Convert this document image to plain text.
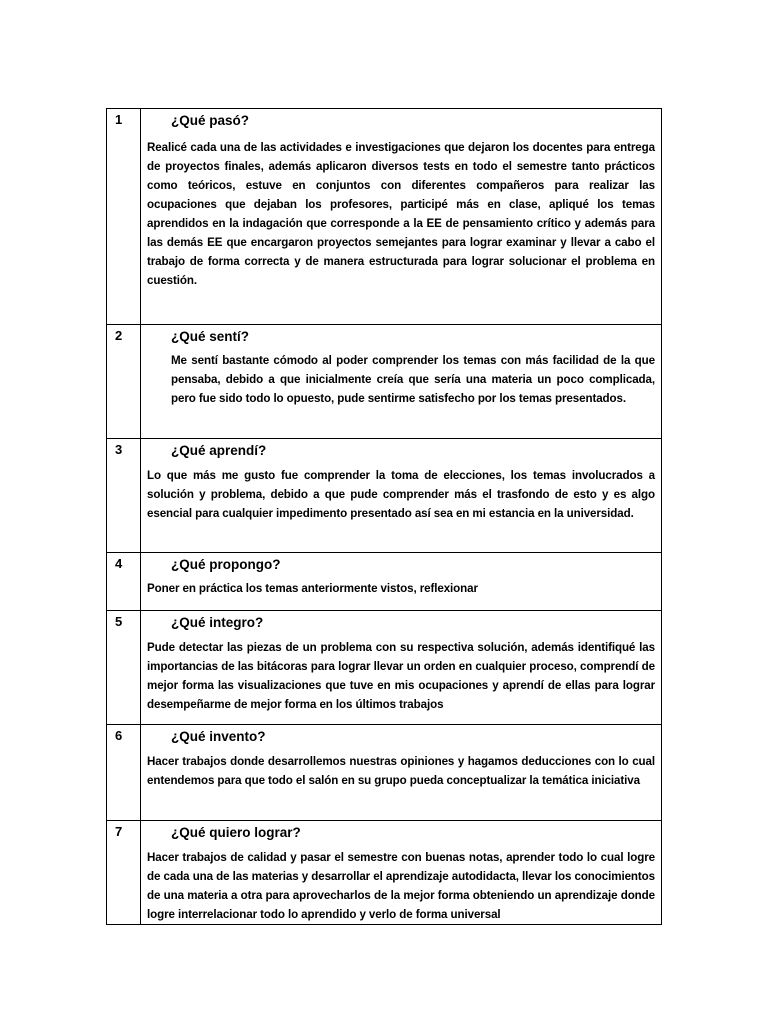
1	¿Qué pasó?
Realicé cada una de las actividades e investigaciones que dejaron los docentes para entrega de proyectos finales, además aplicaron diversos tests en todo el semestre tanto prácticos como teóricos, estuve en conjuntos con diferentes compañeros para realizar las ocupaciones que dejaban los profesores, participé más en clase, apliqué los temas aprendidos en la indagación que corresponde a la EE de pensamiento crítico y además para las demás EE que encargaron proyectos semejantes para lograr examinar y llevar a cabo el trabajo de forma correcta y de manera estructurada para lograr solucionar el problema en cuestión.

2	¿Qué sentí?
Me sentí bastante cómodo al poder comprender los temas con más facilidad de la que pensaba, debido a que inicialmente creía que sería una materia un poco complicada, pero fue sido todo lo opuesto, pude sentirme satisfecho por los temas presentados.

3	¿Qué aprendí?
Lo que más me gusto fue comprender la toma de elecciones, los temas involucrados a solución y problema, debido a que pude comprender más el trasfondo de esto y es algo esencial para cualquier impedimento presentado así sea en mi estancia en la universidad.

4	¿Qué propongo?
Poner en práctica los temas anteriormente vistos, reflexionar

5	¿Qué integro?
Pude detectar las piezas de un problema con su respectiva solución, además identifiqué las importancias de las bitácoras para lograr llevar un orden en cualquier proceso, comprendí de mejor forma las visualizaciones que tuve en mis ocupaciones y aprendí de ellas para lograr desempeñarme de mejor forma en los últimos trabajos

6	¿Qué invento?
Hacer trabajos donde desarrollemos nuestras opiniones y hagamos deducciones con lo cual entendemos para que todo el salón en su grupo pueda conceptualizar la temática iniciativa

7	¿Qué quiero lograr?
Hacer trabajos de calidad y pasar el semestre con buenas notas, aprender todo lo cual logre de cada una de las materias y desarrollar el aprendizaje autodidacta, llevar los conocimientos de una materia a otra para aprovecharlos de la mejor forma obteniendo un aprendizaje donde logre interrelacionar todo lo aprendido y verlo de forma universal
